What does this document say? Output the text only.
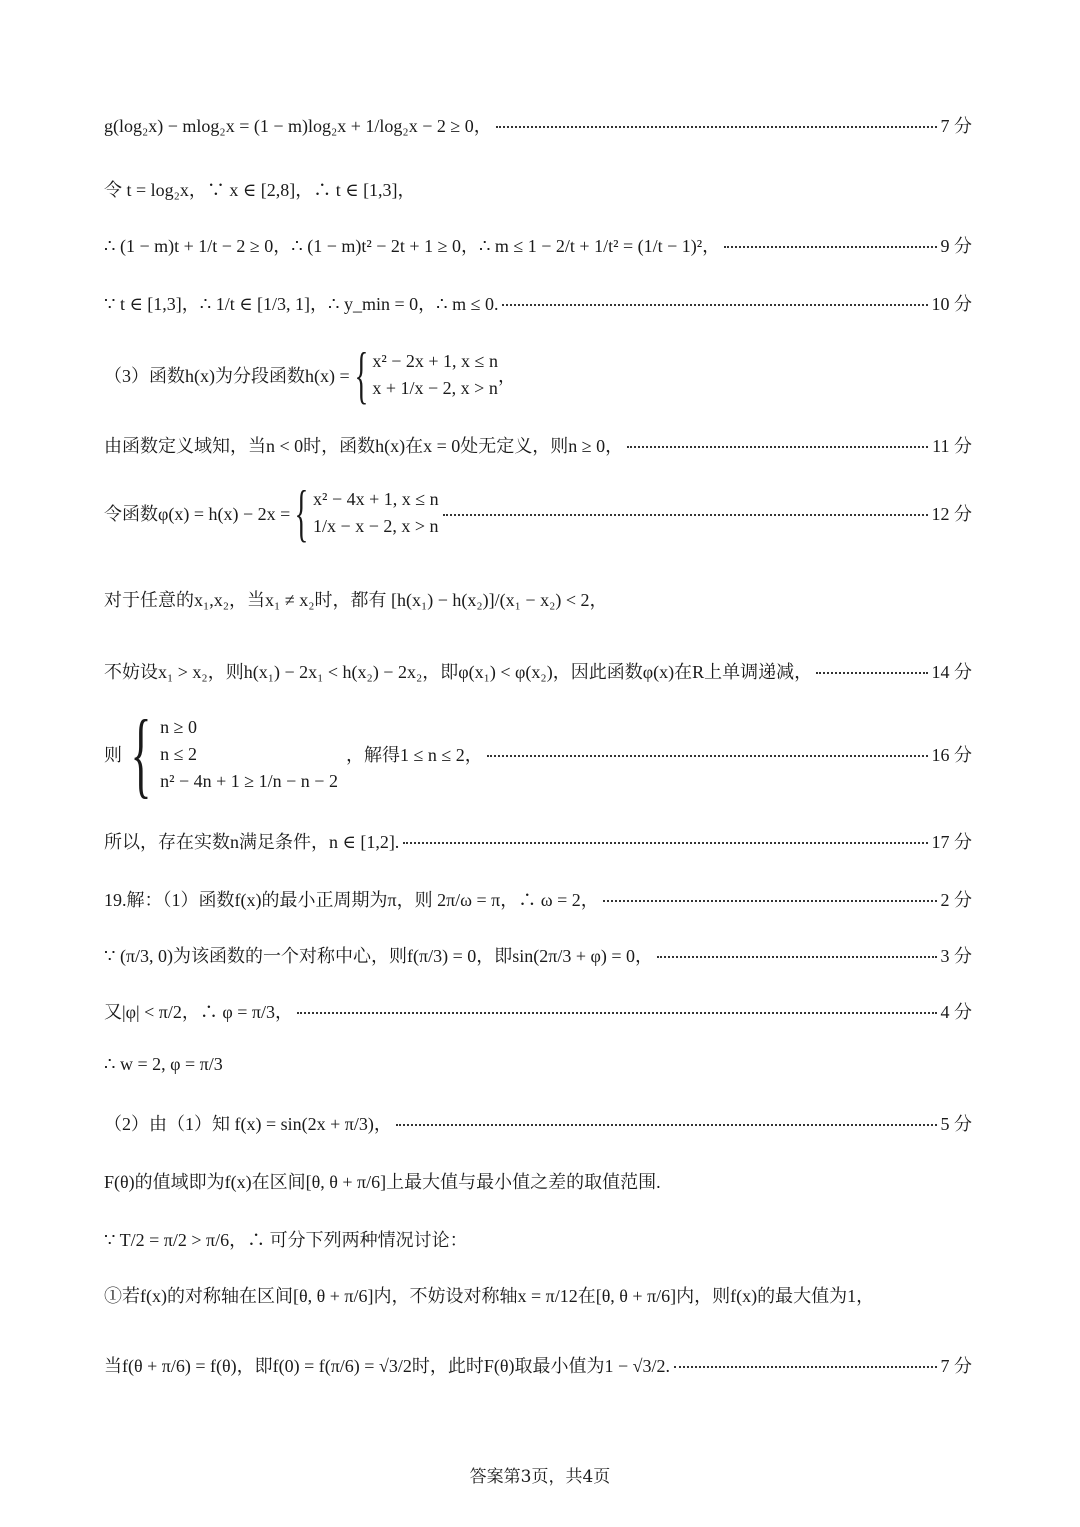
g(log₂x) − mlog₂x = (1 − m)log₂x + 1/log₂x − 2 ≥ 0，	7 分
令 t = log₂x，∵ x ∈ [2,8]，∴ t ∈ [1,3]，
∴ (1 − m)t + 1/t − 2 ≥ 0，∴ (1 − m)t² − 2t + 1 ≥ 0，∴ m ≤ 1 − 2/t + 1/t² = (1/t − 1)²，	9 分
∵ t ∈ [1,3]，∴ 1/t ∈ [1/3, 1]，∴ y_min = 0，∴ m ≤ 0.	10 分
（3）函数h(x)为分段函数h(x) = { x² − 2x + 1, x ≤ n
x + 1/x − 2, x > n
，
由函数定义域知，当n < 0时，函数h(x)在x = 0处无定义，则n ≥ 0，	11 分
令函数φ(x) = h(x) − 2x = { x² − 4x + 1, x ≤ n
1/x − x − 2, x > n
12 分
对于任意的x₁,x₂，当x₁ ≠ x₂时，都有 [h(x₁) − h(x₂)]/(x₁ − x₂) < 2，
不妨设x₁ > x₂，则h(x₁) − 2x₁ < h(x₂) − 2x₂，即φ(x₁) < φ(x₂)，因此函数φ(x)在R上单调递减，	14 分
则 { n ≥ 0
n ≤ 2
n² − 4n + 1 ≥ 1/n − n − 2
，解得1 ≤ n ≤ 2，	16 分
所以，存在实数n满足条件，n ∈ [1,2].	17 分
19.解：（1）函数f(x)的最小正周期为π，则 2π/ω = π，∴ ω = 2，	2 分
∵ (π/3, 0)为该函数的一个对称中心，则f(π/3) = 0，即sin(2π/3 + φ) = 0，	3 分
又|φ| < π/2，∴ φ = π/3，	4 分
∴ w = 2, φ = π/3
（2）由（1）知 f(x) = sin(2x + π/3)，	5 分
F(θ)的值域即为f(x)在区间[θ, θ + π/6]上最大值与最小值之差的取值范围.
∵ T/2 = π/2 > π/6，∴ 可分下列两种情况讨论：
①若f(x)的对称轴在区间[θ, θ + π/6]内，不妨设对称轴x = π/12在[θ, θ + π/6]内，则f(x)的最大值为1，
当f(θ + π/6) = f(θ)，即f(0) = f(π/6) = √3/2时，此时F(θ)取最小值为1 − √3/2.	7 分
答案第3页，共4页
